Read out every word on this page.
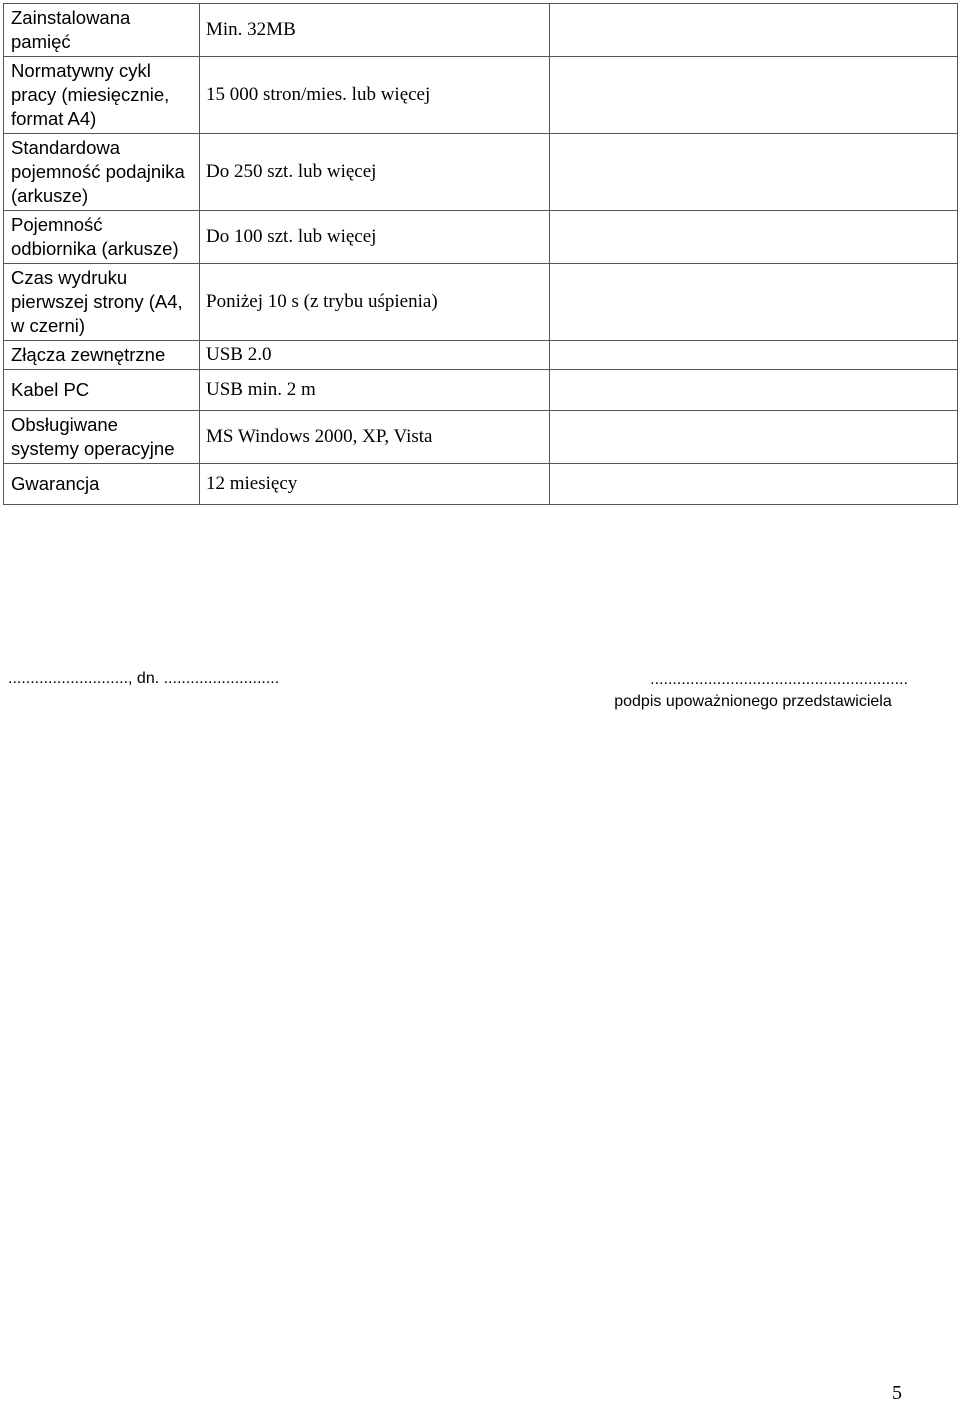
Zainstalowana
pamięć	Min. 32MB	

Normatywny cykl
pracy (miesięcznie,
format A4)	15 000 stron/mies. lub więcej	

Standardowa
pojemność podajnika
(arkusze)	Do 250 szt. lub więcej	

Pojemność
odbiornika (arkusze)	Do 100 szt. lub więcej	

Czas wydruku
pierwszej strony (A4,
w czerni)	Poniżej 10 s (z trybu uśpienia)	

Złącza zewnętrzne	USB 2.0	

Kabel PC	USB min. 2 m	

Obsługiwane
systemy operacyjne	MS Windows 2000, XP, Vista	

Gwarancja	12 miesięcy	

..........................., dn. ..........................	..........................................................
podpis upoważnionego przedstawiciela
5
